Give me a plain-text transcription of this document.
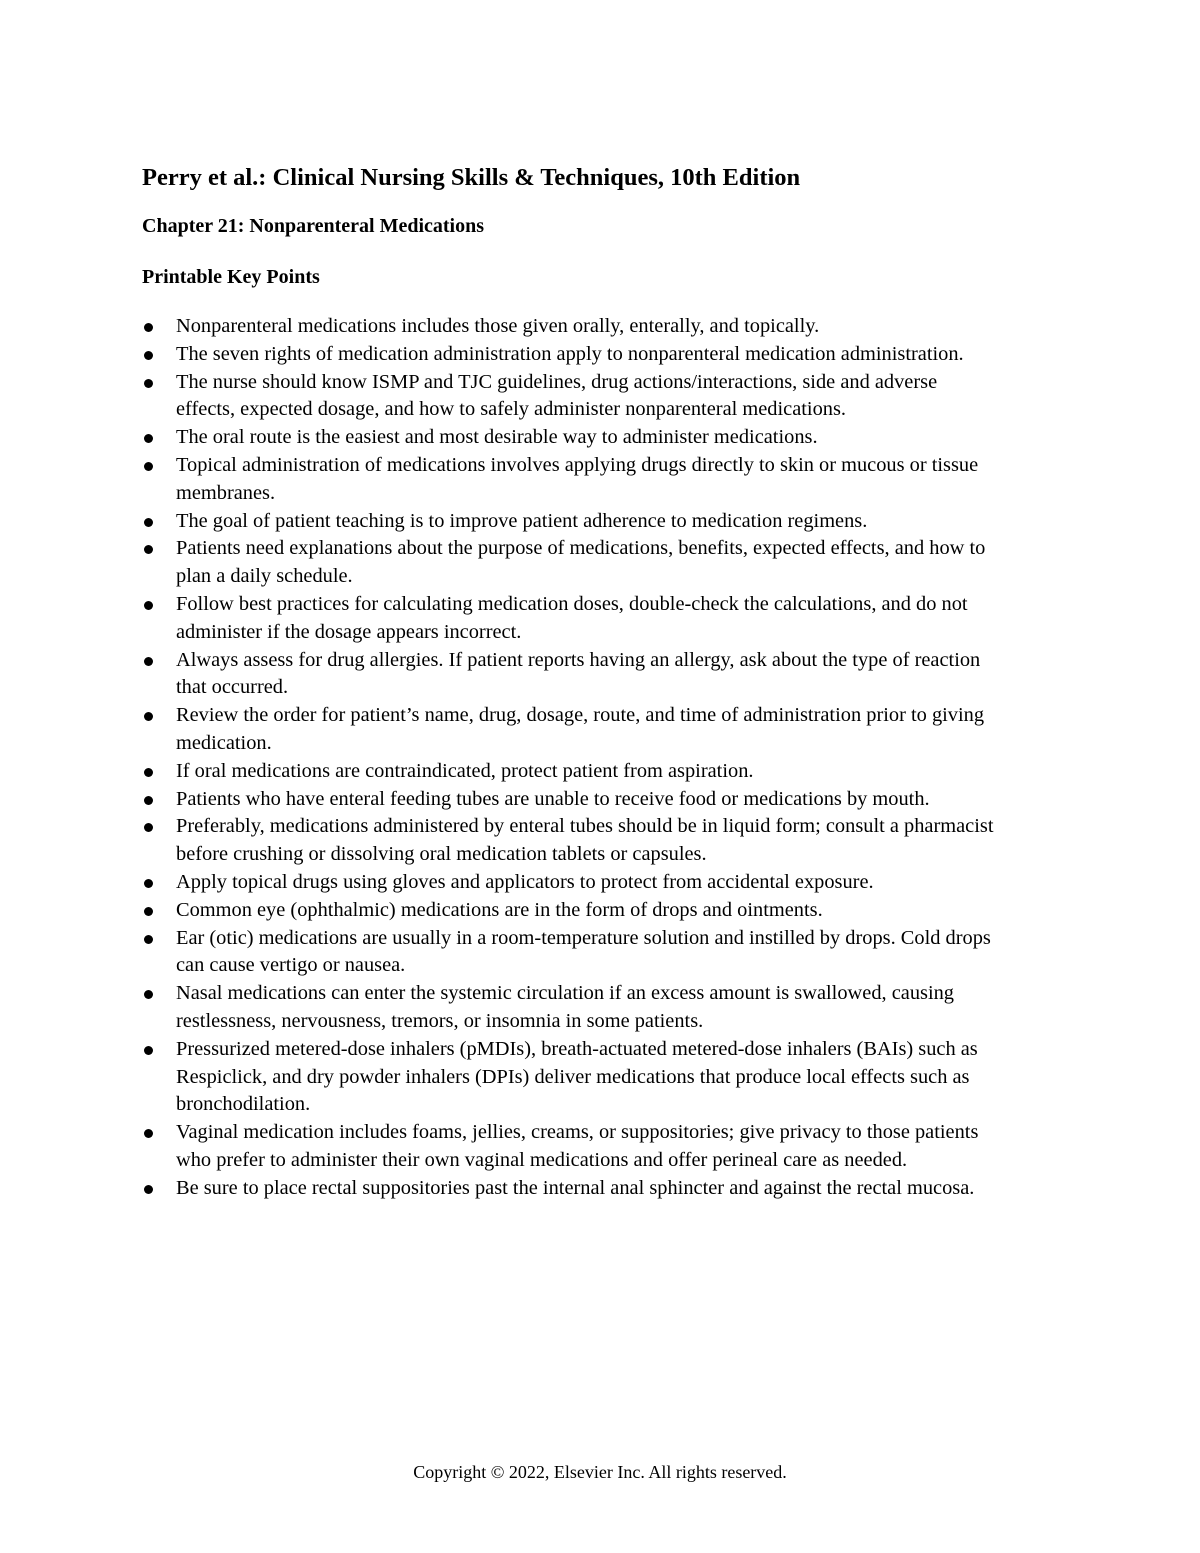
Perry et al.: Clinical Nursing Skills & Techniques, 10th Edition
Chapter 21: Nonparenteral Medications
Printable Key Points
Nonparenteral medications includes those given orally, enterally, and topically.
The seven rights of medication administration apply to nonparenteral medication administration.
The nurse should know ISMP and TJC guidelines, drug actions/interactions, side and adverse effects, expected dosage, and how to safely administer nonparenteral medications.
The oral route is the easiest and most desirable way to administer medications.
Topical administration of medications involves applying drugs directly to skin or mucous or tissue membranes.
The goal of patient teaching is to improve patient adherence to medication regimens.
Patients need explanations about the purpose of medications, benefits, expected effects, and how to plan a daily schedule.
Follow best practices for calculating medication doses, double-check the calculations, and do not administer if the dosage appears incorrect.
Always assess for drug allergies. If patient reports having an allergy, ask about the type of reaction that occurred.
Review the order for patient’s name, drug, dosage, route, and time of administration prior to giving medication.
If oral medications are contraindicated, protect patient from aspiration.
Patients who have enteral feeding tubes are unable to receive food or medications by mouth.
Preferably, medications administered by enteral tubes should be in liquid form; consult a pharmacist before crushing or dissolving oral medication tablets or capsules.
Apply topical drugs using gloves and applicators to protect from accidental exposure.
Common eye (ophthalmic) medications are in the form of drops and ointments.
Ear (otic) medications are usually in a room-temperature solution and instilled by drops. Cold drops can cause vertigo or nausea.
Nasal medications can enter the systemic circulation if an excess amount is swallowed, causing restlessness, nervousness, tremors, or insomnia in some patients.
Pressurized metered-dose inhalers (pMDIs), breath-actuated metered-dose inhalers (BAIs) such as Respiclick, and dry powder inhalers (DPIs) deliver medications that produce local effects such as bronchodilation.
Vaginal medication includes foams, jellies, creams, or suppositories; give privacy to those patients who prefer to administer their own vaginal medications and offer perineal care as needed.
Be sure to place rectal suppositories past the internal anal sphincter and against the rectal mucosa.
Copyright © 2022, Elsevier Inc. All rights reserved.
